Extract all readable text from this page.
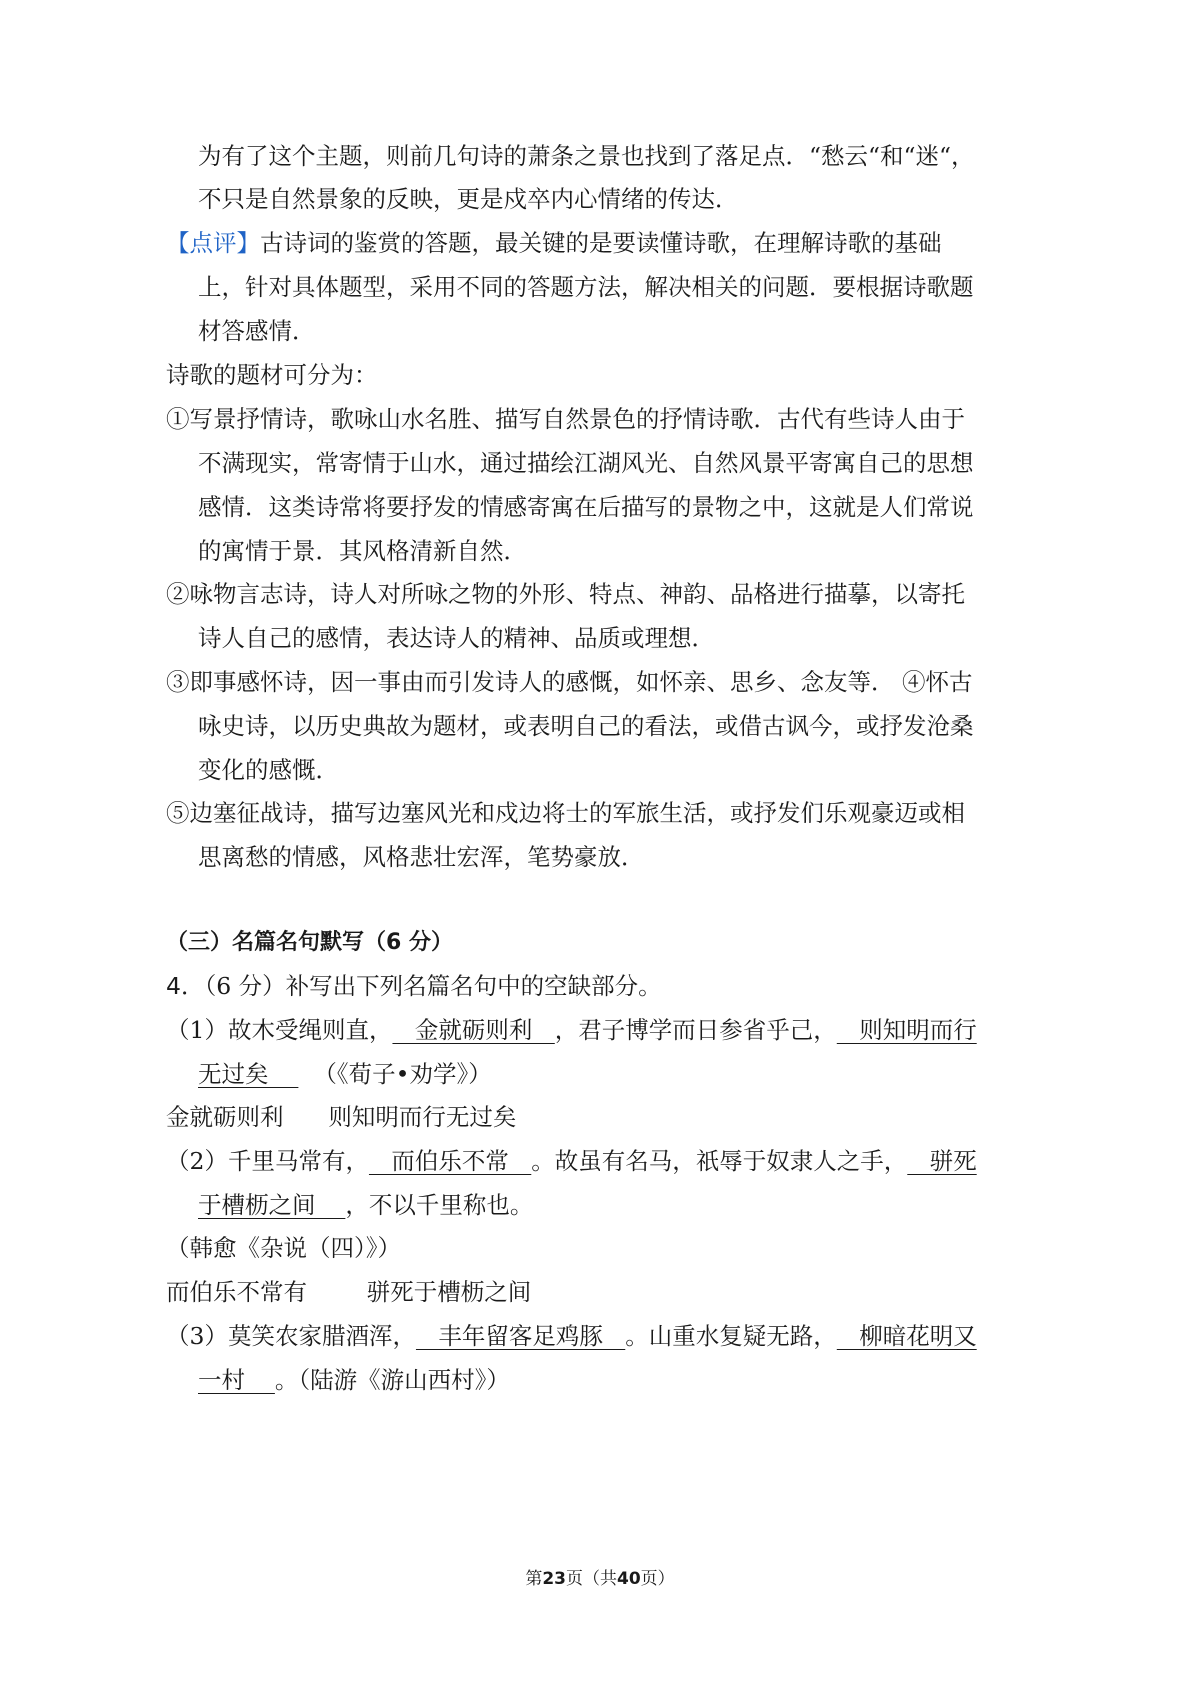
为有了这个主题，则前几句诗的萧条之景也找到了落足点．“愁云“和“迷“，
不只是自然景象的反映，更是戍卒内心情绪的传达．
【点评】古诗词的鉴赏的答题，最关键的是要读懂诗歌，在理解诗歌的基础
上，针对具体题型，采用不同的答题方法，解决相关的问题．要根据诗歌题
材答感情．
诗歌的题材可分为：
①写景抒情诗，歌咏山水名胜、描写自然景色的抒情诗歌．古代有些诗人由于
不满现实，常寄情于山水，通过描绘江湖风光、自然风景平寄寓自己的思想
感情．这类诗常将要抒发的情感寄寓在后描写的景物之中，这就是人们常说
的寓情于景．其风格清新自然．
②咏物言志诗，诗人对所咏之物的外形、特点、神韵、品格进行描摹，以寄托
诗人自己的感情，表达诗人的精神、品质或理想．
③即事感怀诗，因一事由而引发诗人的感慨，如怀亲、思乡、念友等． ④怀古
咏史诗，以历史典故为题材，或表明自己的看法，或借古讽今，或抒发沧桑
变化的感慨．
⑤边塞征战诗，描写边塞风光和戍边将士的军旅生活，或抒发们乐观豪迈或相
思离愁的情感，风格悲壮宏浑，笔势豪放．
（三）名篇名句默写（6 分）
4．（6 分）补写出下列名篇名句中的空缺部分。
（1）故木受绳则直，   金就砺则利   ，君子博学而日参省乎己，   则知明而行
无过矣      （《荀子•劝学》）
金就砺则利      则知明而行无过矣
（2）千里马常有，   而伯乐不常   。故虽有名马，祇辱于奴隶人之手，   骈死
于槽枥之间    ，不以千里称也。
（韩愈《杂说（四）》）
而伯乐不常有        骈死于槽枥之间
（3）莫笑农家腊酒浑，   丰年留客足鸡豚   。山重水复疑无路，   柳暗花明又
一村    。（陆游《游山西村》）
第23页（共40页）
